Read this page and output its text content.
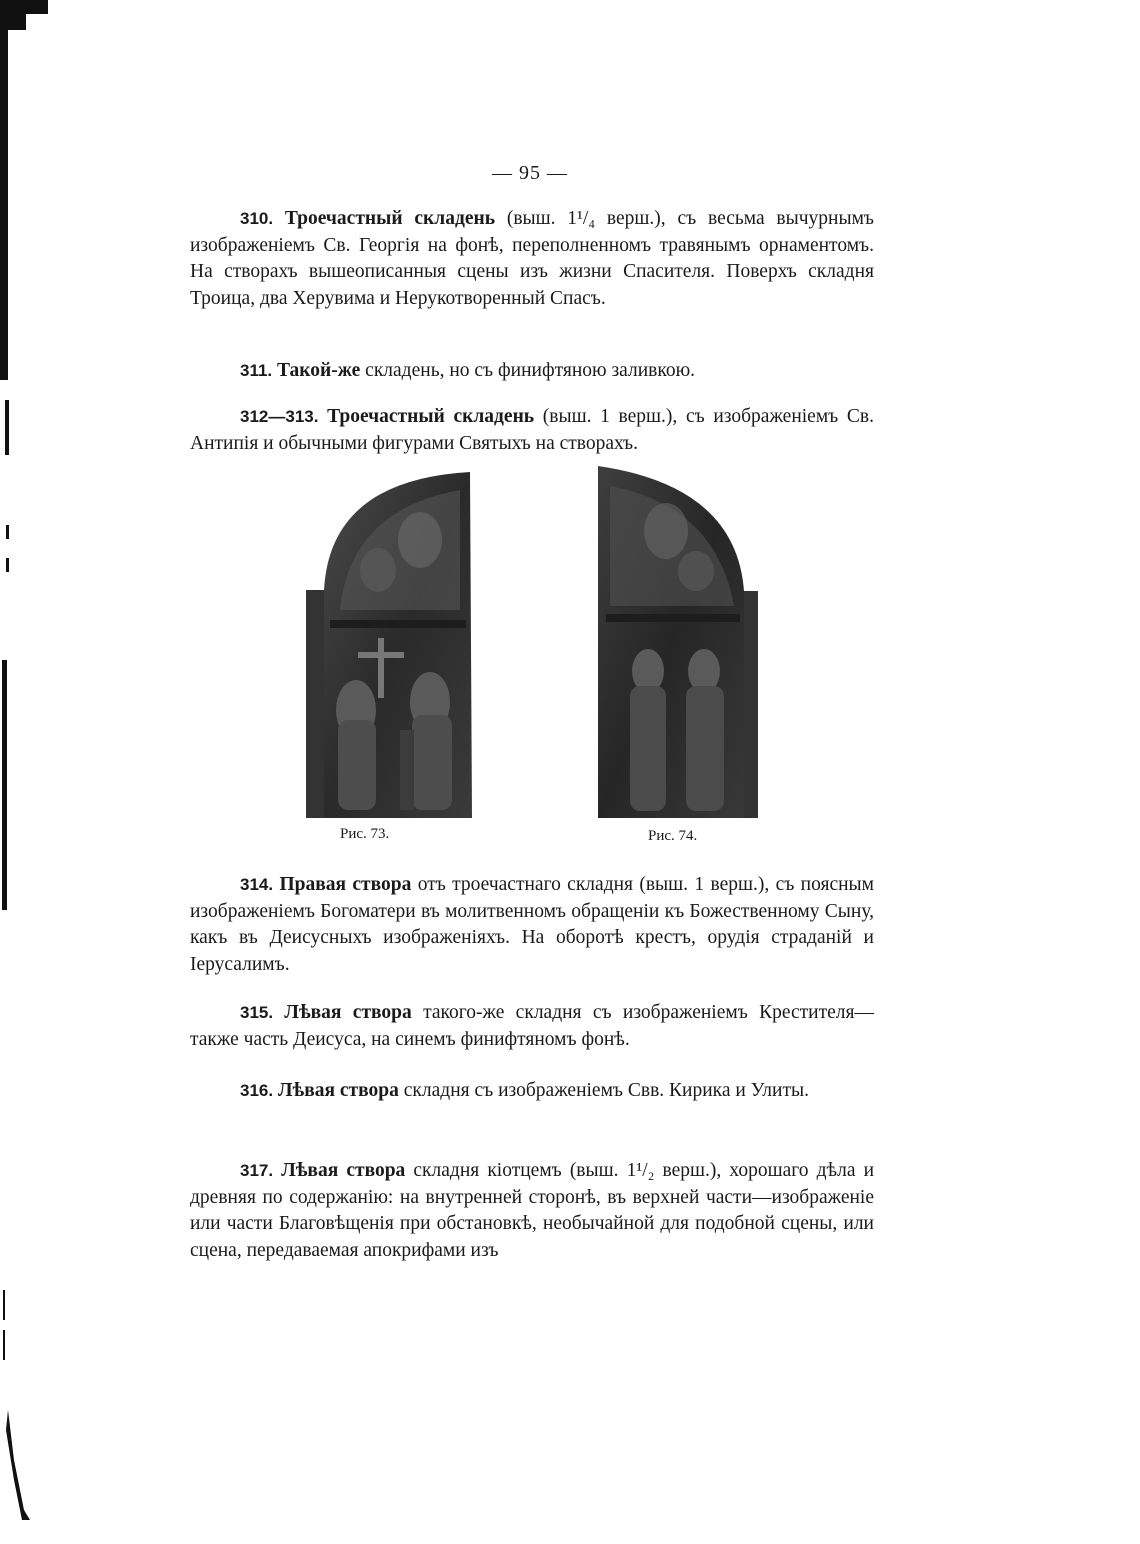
— 95 —

310. Троечастный складень (выш. 1¹/₄ верш.), съ весьма вычурнымъ изображеніемъ Св. Георгія на фонѣ, переполненномъ травянымъ орнаментомъ. На створахъ вышеописанныя сцены изъ жизни Спасителя. Поверхъ складня Троица, два Херувима и Нерукотворенный Спасъ.

311. Такой-же складень, но съ финифтяною заливкою.

312—313. Троечастный складень (выш. 1 верш.), съ изображеніемъ Св. Антипія и обычными фигурами Святыхъ на створахъ.

Рис. 73.	Рис. 74.

314. Правая створа отъ троечастнаго складня (выш. 1 верш.), съ поясным изображеніемъ Богоматери въ молитвенномъ обращеніи къ Божественному Сыну, какъ въ Деисусныхъ изображеніяхъ. На оборотѣ крестъ, орудія страданій и Іерусалимъ.

315. Лѣвая створа такого-же складня съ изображеніемъ Крестителя—также часть Деисуса, на синемъ финифтяномъ фонѣ.

316. Лѣвая створа складня съ изображеніемъ Свв. Кирика и Улиты.

317. Лѣвая створа складня кіотцемъ (выш. 1¹/₂ верш.), хорошаго дѣла и древняя по содержанію: на внутренней сторонѣ, въ верхней части—изображеніе или части Благовѣщенія при обстановкѣ, необычайной для подобной сцены, или сцена, передаваемая апокрифами изъ
